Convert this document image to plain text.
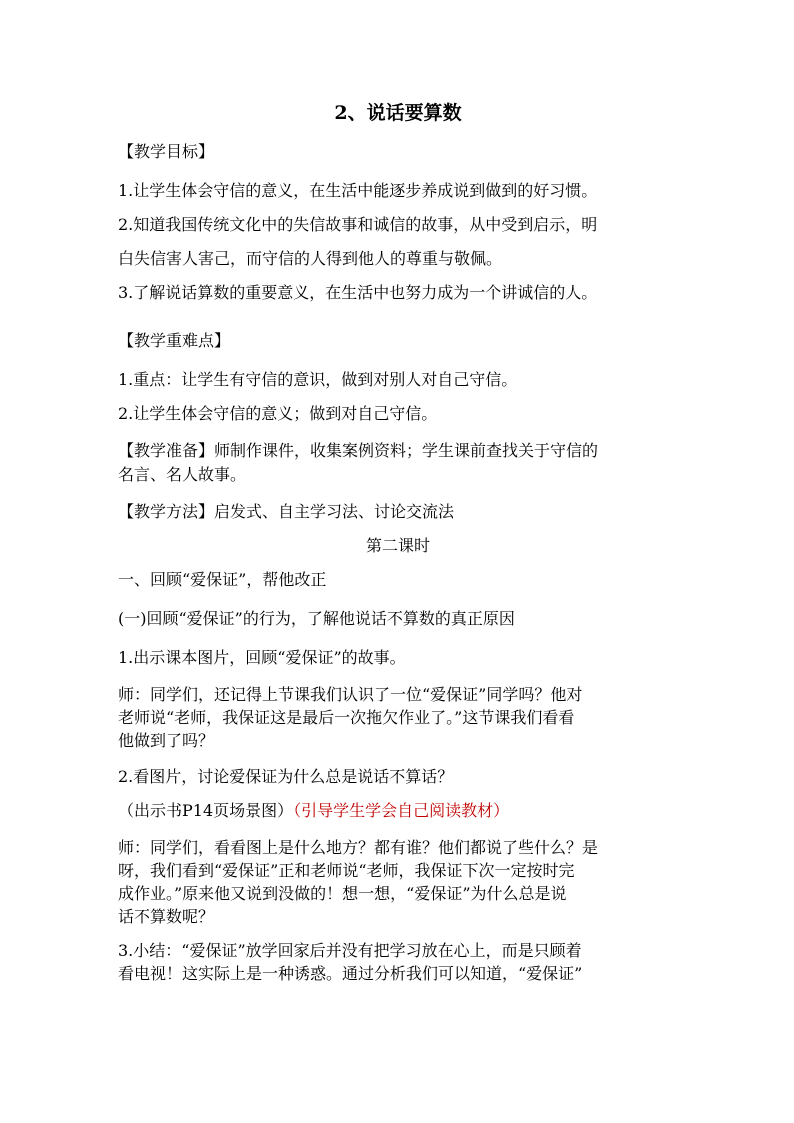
2、说话要算数

【教学目标】

1.让学生体会守信的意义，在生活中能逐步养成说到做到的好习惯。

2.知道我国传统文化中的失信故事和诚信的故事，从中受到启示，明

白失信害人害己，而守信的人得到他人的尊重与敬佩。

3.了解说话算数的重要意义，在生活中也努力成为一个讲诚信的人。

【教学重难点】

1.重点：让学生有守信的意识，做到对别人对自己守信。

2.让学生体会守信的意义；做到对自己守信。

【教学准备】师制作课件，收集案例资料；学生课前查找关于守信的

名言、名人故事。

【教学方法】启发式、自主学习法、讨论交流法

第二课时

一、回顾“爱保证”，帮他改正

(一)回顾“爱保证”的行为，了解他说话不算数的真正原因

1.出示课本图片，回顾“爱保证”的故事。

师：同学们，还记得上节课我们认识了一位“爱保证”同学吗？他对

老师说“老师，我保证这是最后一次拖欠作业了。”这节课我们看看

他做到了吗？

2.看图片，讨论爱保证为什么总是说话不算话？

（出示书P14页场景图）（引导学生学会自己阅读教材）

师：同学们，看看图上是什么地方？都有谁？他们都说了些什么？是

呀，我们看到“爱保证”正和老师说“老师，我保证下次一定按时完

成作业。”原来他又说到没做的！想一想，“爱保证”为什么总是说

话不算数呢？

3.小结：“爱保证”放学回家后并没有把学习放在心上，而是只顾着

看电视！这实际上是一种诱惑。通过分析我们可以知道，“爱保证”
